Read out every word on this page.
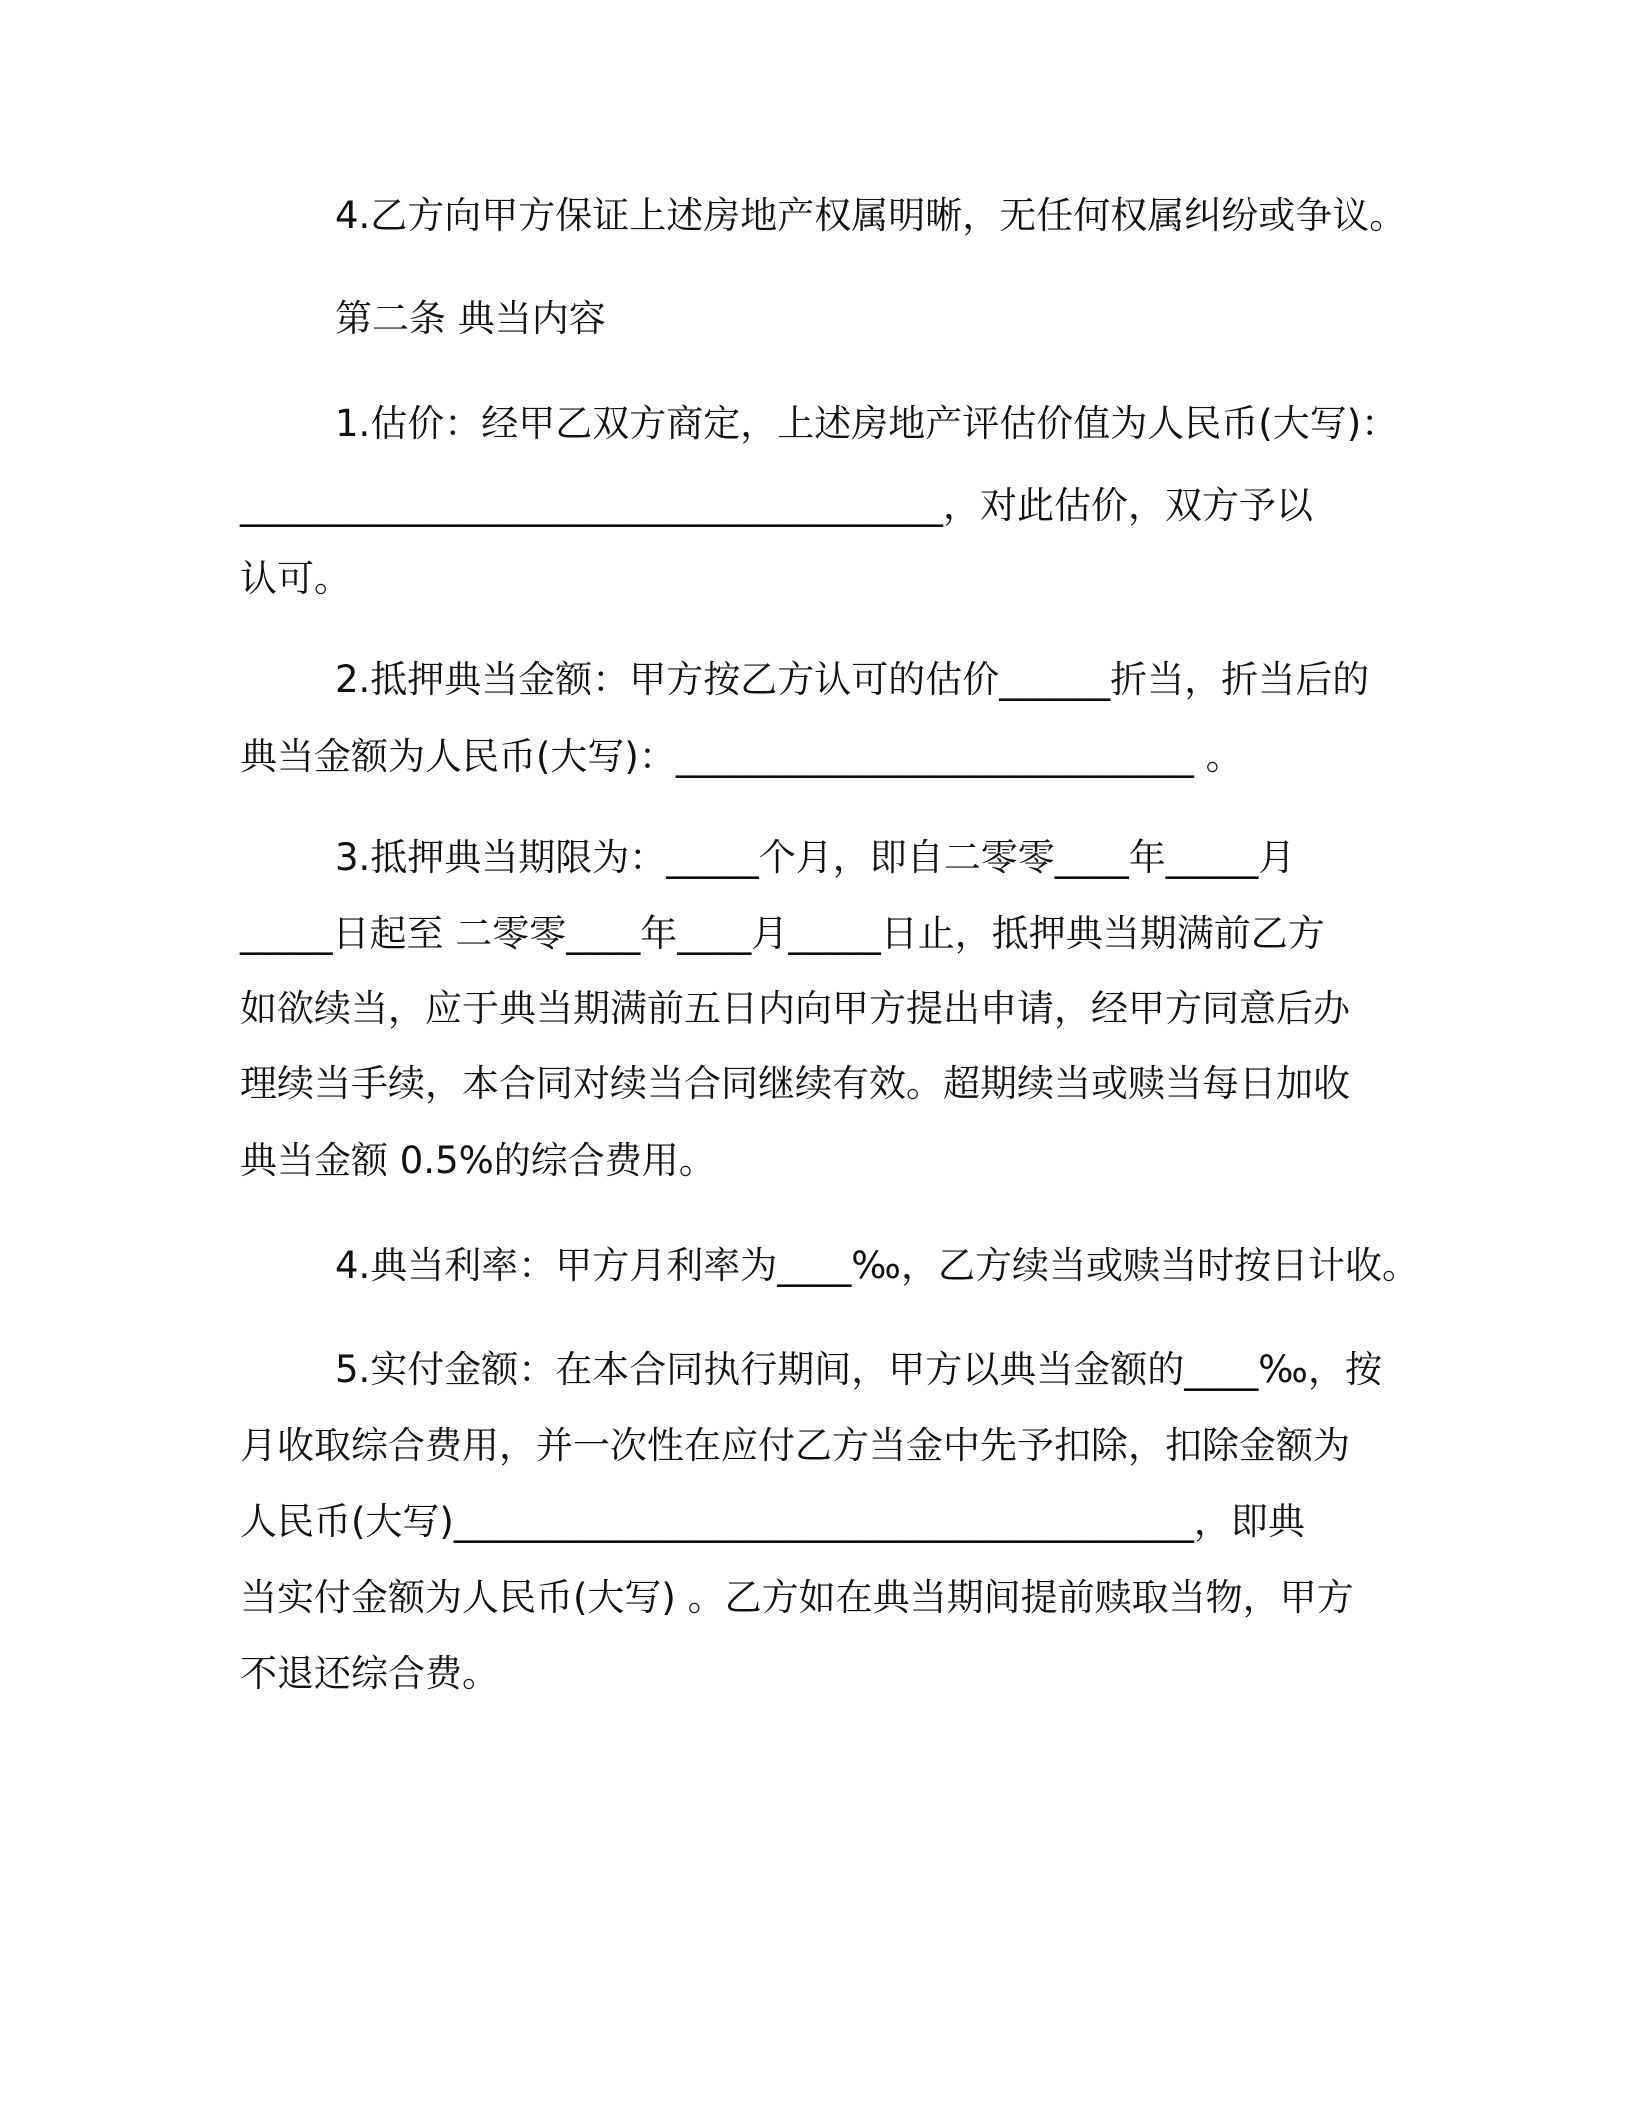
4.乙方向甲方保证上述房地产权属明晰，无任何权属纠纷或争议。
第二条 典当内容
1.估价：经甲乙双方商定，上述房地产评估价值为人民币(大写)：
______________________________________，对此估价，双方予以
认可。
2.抵押典当金额：甲方按乙方认可的估价______折当，折当后的
典当金额为人民币(大写)：____________________________ 。
3.抵押典当期限为：_____个月，即自二零零____年_____月
_____日起至 二零零____年____月_____日止，抵押典当期满前乙方
如欲续当，应于典当期满前五日内向甲方提出申请，经甲方同意后办
理续当手续，本合同对续当合同继续有效。超期续当或赎当每日加收
典当金额 0.5%的综合费用。
4.典当利率：甲方月利率为____‰，乙方续当或赎当时按日计收。
5.实付金额：在本合同执行期间，甲方以典当金额的____‰，按
月收取综合费用，并一次性在应付乙方当金中先予扣除，扣除金额为
人民币(大写)________________________________________，即典
当实付金额为人民币(大写) 。乙方如在典当期间提前赎取当物，甲方
不退还综合费。
